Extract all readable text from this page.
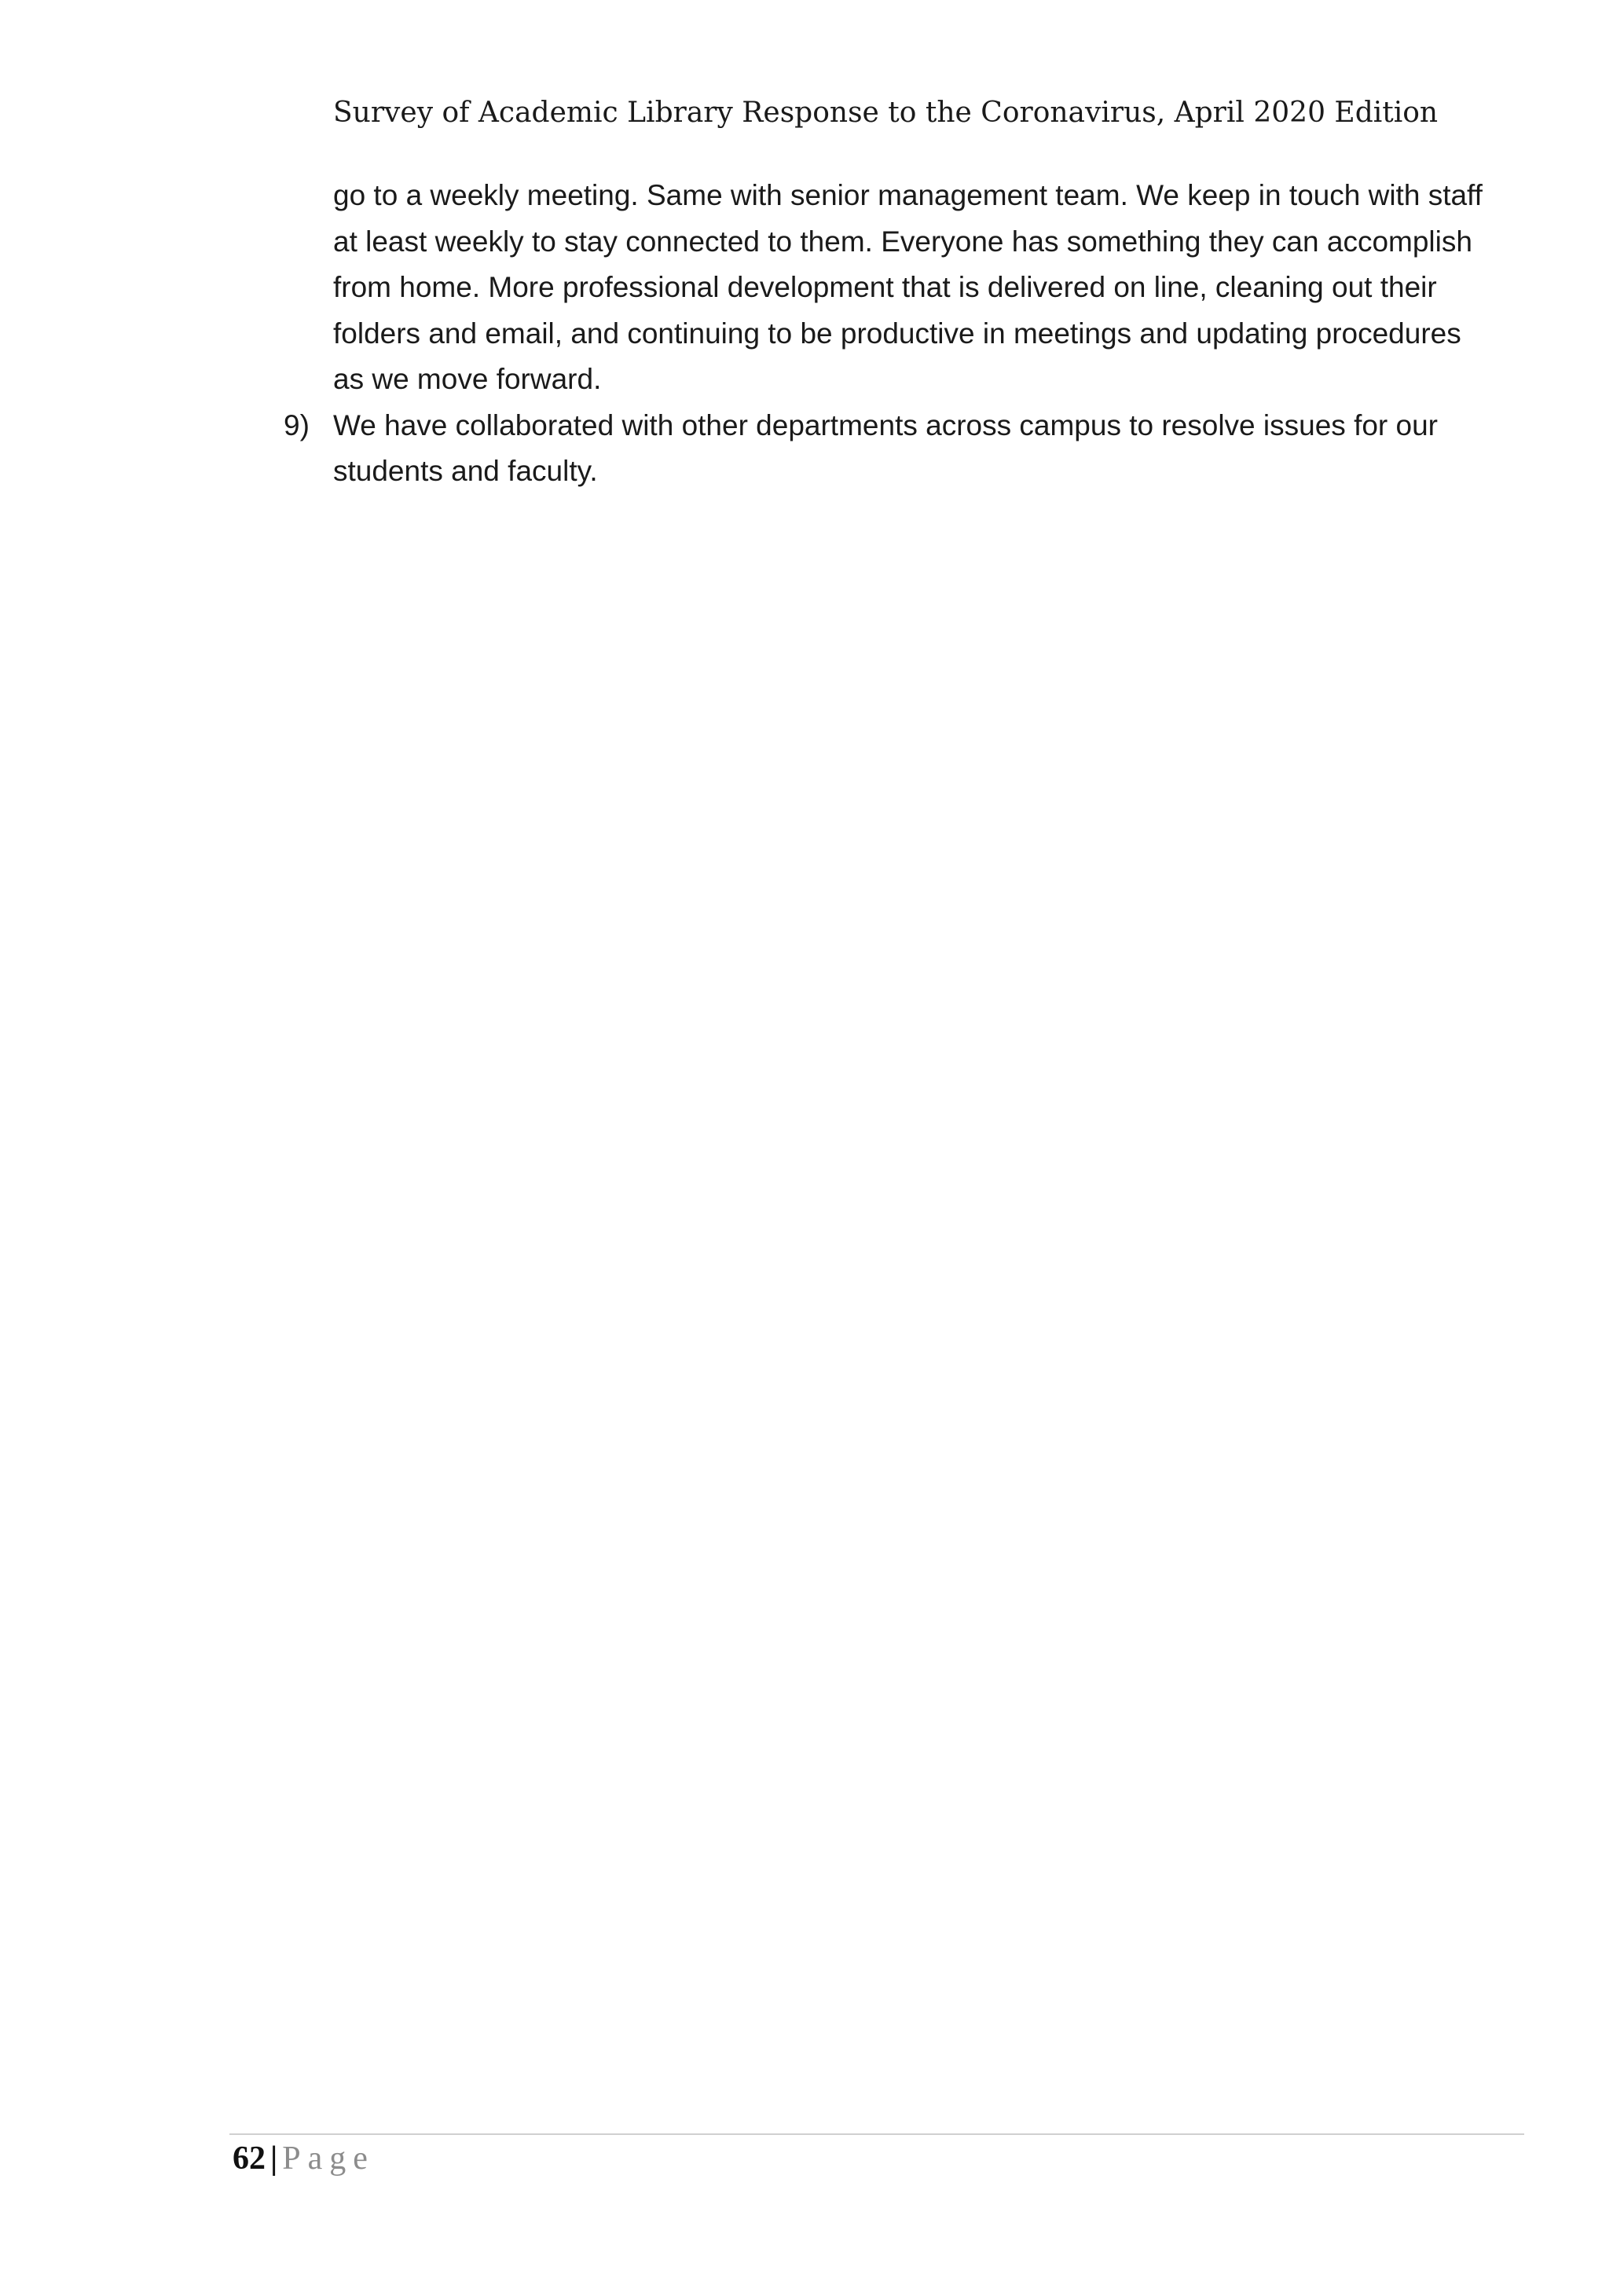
Survey of Academic Library Response to the Coronavirus, April 2020 Edition

go to a weekly meeting. Same with senior management team. We keep in touch with staff at least weekly to stay connected to them. Everyone has something they can accomplish from home. More professional development that is delivered on line, cleaning out their folders and email, and continuing to be productive in meetings and updating procedures as we move forward.

9) We have collaborated with other departments across campus to resolve issues for our students and faculty.
62 | Page
